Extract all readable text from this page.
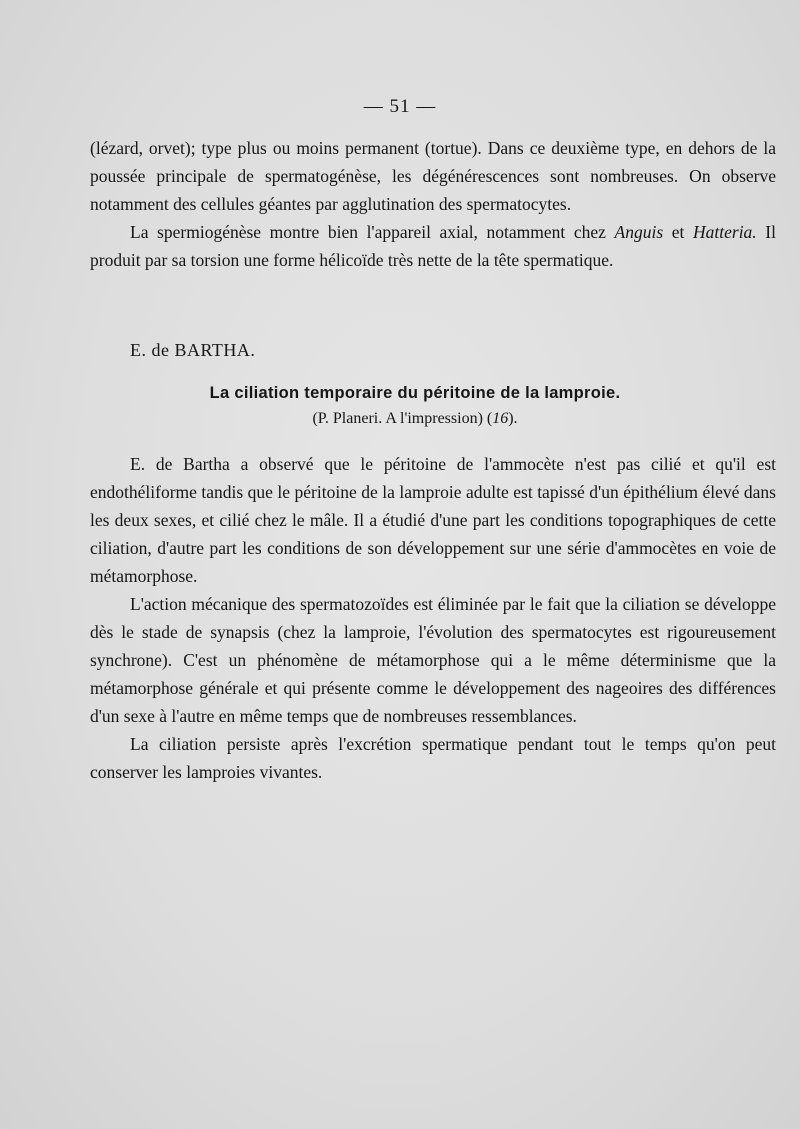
— 51 —

(lézard, orvet); type plus ou moins permanent (tortue). Dans ce deuxième type, en dehors de la poussée principale de spermatogénèse, les dégénérescences sont nombreuses. On observe notamment des cellules géantes par agglutination des spermatocytes.

La spermiogénèse montre bien l'appareil axial, notamment chez Anguis et Hatteria. Il produit par sa torsion une forme hélicoïde très nette de la tête spermatique.

E. de BARTHA.
La ciliation temporaire du péritoine de la lamproie.
(P. Planeri. A l'impression) (16).

E. de Bartha a observé que le péritoine de l'ammocète n'est pas cilié et qu'il est endothéliforme tandis que le péritoine de la lamproie adulte est tapissé d'un épithélium élevé dans les deux sexes, et cilié chez le mâle. Il a étudié d'une part les conditions topographiques de cette ciliation, d'autre part les conditions de son développement sur une série d'ammocètes en voie de métamorphose.

L'action mécanique des spermatozoïdes est éliminée par le fait que la ciliation se développe dès le stade de synapsis (chez la lamproie, l'évolution des spermatocytes est rigoureusement synchrone). C'est un phénomène de métamorphose qui a le même déterminisme que la métamorphose générale et qui présente comme le développement des nageoires des différences d'un sexe à l'autre en même temps que de nombreuses ressemblances.

La ciliation persiste après l'excrétion spermatique pendant tout le temps qu'on peut conserver les lamproies vivantes.
